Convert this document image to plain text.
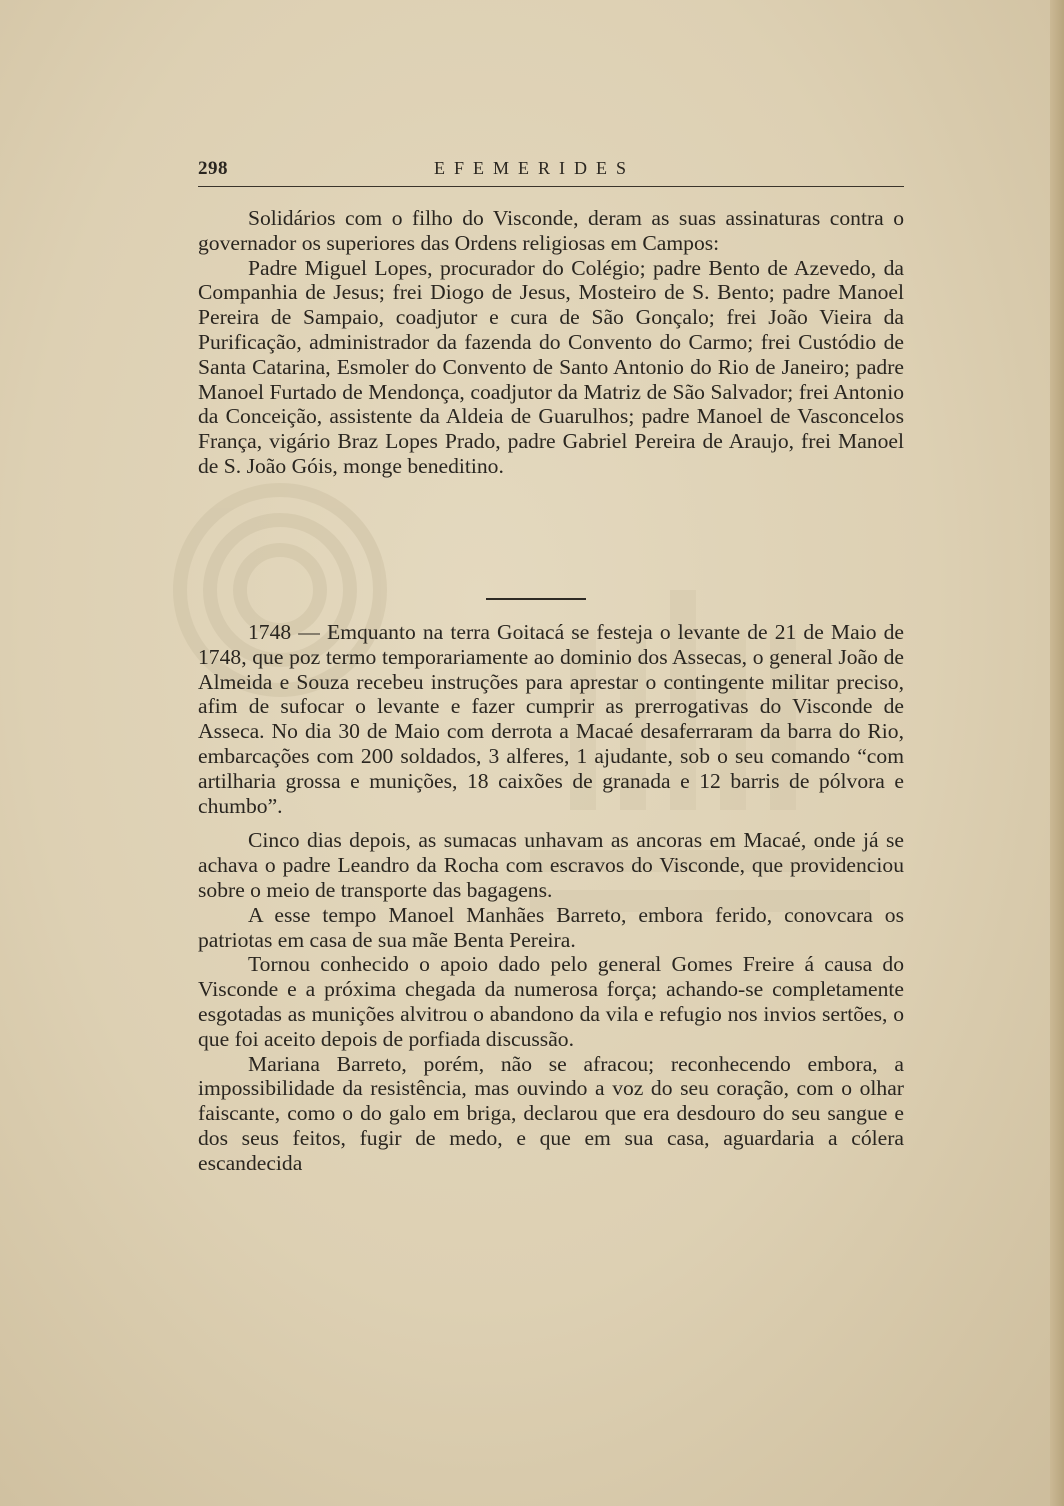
298	EFEMERIDES

Solidários com o filho do Visconde, deram as suas assinaturas contra o governador os superiores das Ordens religiosas em Campos:

Padre Miguel Lopes, procurador do Colégio; padre Bento de Azevedo, da Companhia de Jesus; frei Diogo de Jesus, Mosteiro de S. Bento; padre Manoel Pereira de Sampaio, coadjutor e cura de São Gonçalo; frei João Vieira da Purificação, administrador da fazenda do Convento do Carmo; frei Custódio de Santa Catarina, Esmoler do Convento de Santo Antonio do Rio de Janeiro; padre Manoel Furtado de Mendonça, coadjutor da Matriz de São Salvador; frei Antonio da Conceição, assistente da Aldeia de Guarulhos; padre Manoel de Vasconcelos França, vigário Braz Lopes Prado, padre Gabriel Pereira de Araujo, frei Manoel de S. João Góis, monge beneditino.

1748 — Emquanto na terra Goitacá se festeja o levante de 21 de Maio de 1748, que poz termo temporariamente ao dominio dos Assecas, o general João de Almeida e Souza recebeu instruções para aprestar o contingente militar preciso, afim de sufocar o levante e fazer cumprir as prerrogativas do Visconde de Asseca. No dia 30 de Maio com derrota a Macaé desaferraram da barra do Rio, embarcações com 200 soldados, 3 alferes, 1 ajudante, sob o seu comando “com artilharia grossa e munições, 18 caixões de granada e 12 barris de pólvora e chumbo”.

Cinco dias depois, as sumacas unhavam as ancoras em Macaé, onde já se achava o padre Leandro da Rocha com escravos do Visconde, que providenciou sobre o meio de transporte das bagagens.

A esse tempo Manoel Manhães Barreto, embora ferido, conovcara os patriotas em casa de sua mãe Benta Pereira.

Tornou conhecido o apoio dado pelo general Gomes Freire á causa do Visconde e a próxima chegada da numerosa força; achando-se completamente esgotadas as munições alvitrou o abandono da vila e refugio nos invios sertões, o que foi aceito depois de porfiada discussão.

Mariana Barreto, porém, não se afracou; reconhecendo embora, a impossibilidade da resistência, mas ouvindo a voz do seu coração, com o olhar faiscante, como o do galo em briga, declarou que era desdouro do seu sangue e dos seus feitos, fugir de medo, e que em sua casa, aguardaria a cólera escandecida
